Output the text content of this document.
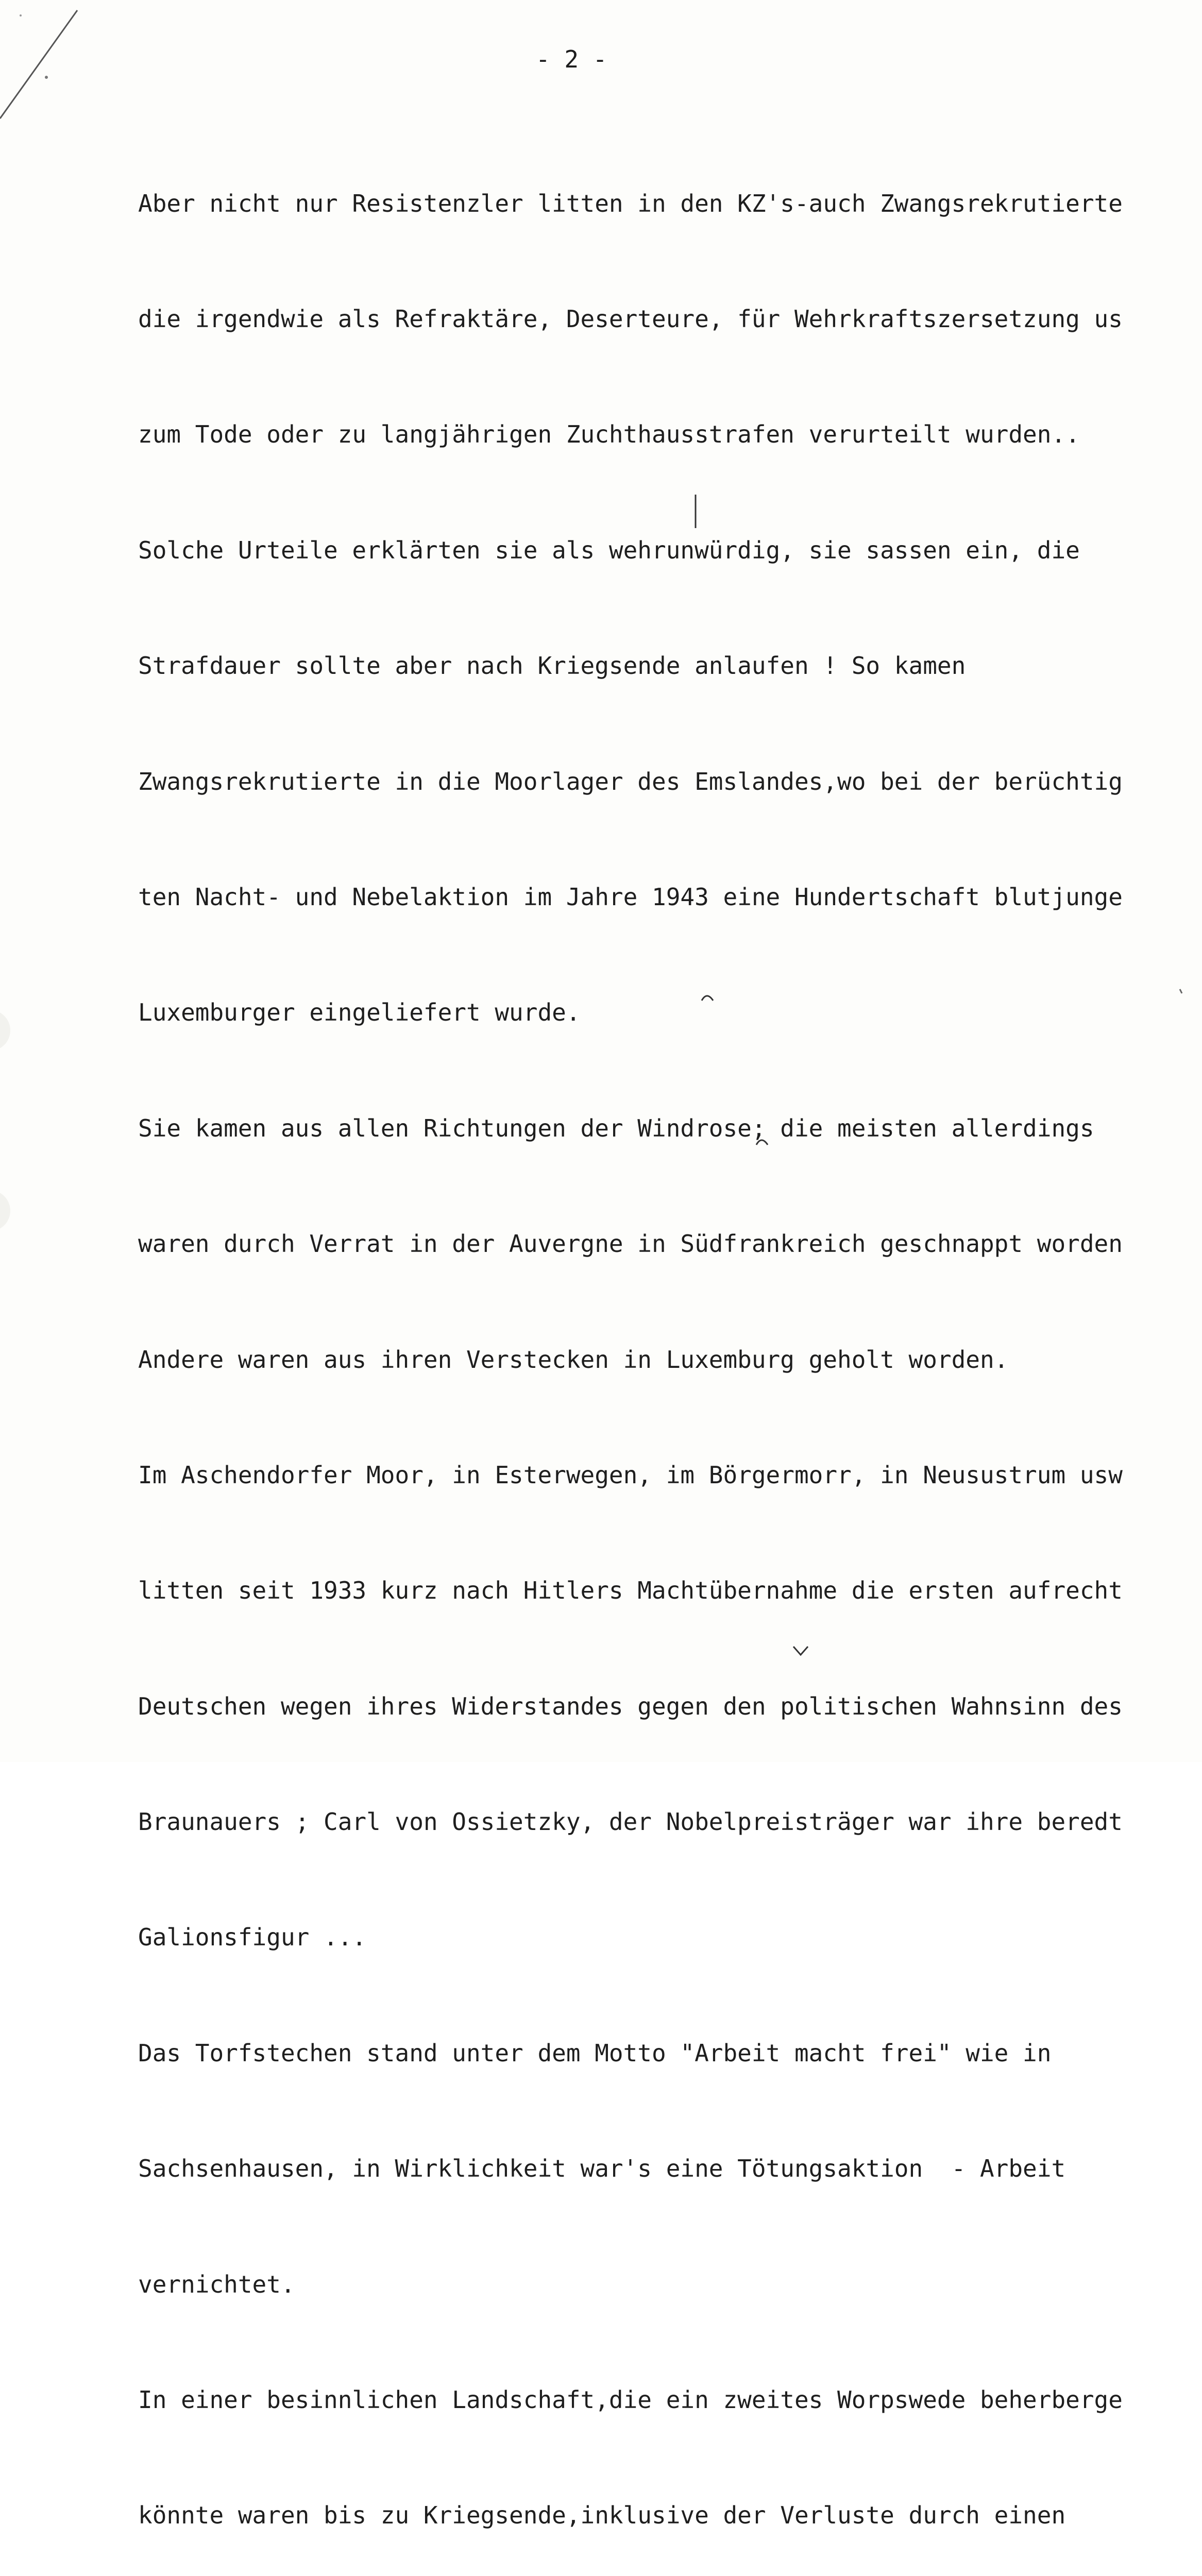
- 2 -

Aber nicht nur Resistenzler litten in den KZ's-auch Zwangsrekrutierte

die irgendwie als Refraktäre, Deserteure, für Wehrkraftszersetzung us

zum Tode oder zu langjährigen Zuchthausstrafen verurteilt wurden..

Solche Urteile erklärten sie als wehrunwürdig, sie sassen ein, die

Strafdauer sollte aber nach Kriegsende anlaufen ! So kamen

Zwangsrekrutierte in die Moorlager des Emslandes,wo bei der berüchtig

ten Nacht- und Nebelaktion im Jahre 1943 eine Hundertschaft blutjunge

Luxemburger eingeliefert wurde.

Sie kamen aus allen Richtungen der Windrose; die meisten allerdings

waren durch Verrat in der Auvergne in Südfrankreich geschnappt worden

Andere waren aus ihren Verstecken in Luxemburg geholt worden.

Im Aschendorfer Moor, in Esterwegen, im Börgermorr, in Neusustrum usw

litten seit 1933 kurz nach Hitlers Machtübernahme die ersten aufrecht

Deutschen wegen ihres Widerstandes gegen den politischen Wahnsinn des

Braunauers ; Carl von Ossietzky, der Nobelpreisträger war ihre beredt

Galionsfigur ...

Das Torfstechen stand unter dem Motto "Arbeit macht frei" wie in

Sachsenhausen, in Wirklichkeit war's eine Tötungsaktion  - Arbeit

vernichtet.

In einer besinnlichen Landschaft,die ein zweites Worpswede beherberge

könnte waren bis zu Kriegsende,inklusive der Verluste durch einen
